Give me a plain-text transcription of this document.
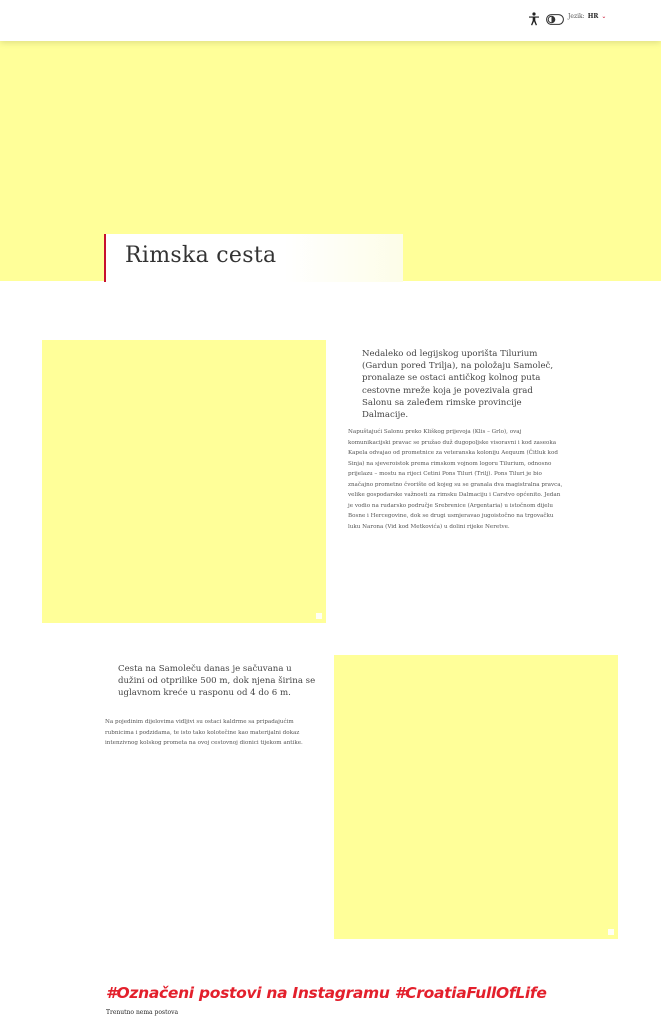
Jezik: HR ⌄
Rimska cesta
Nedaleko od legijskog uporišta Tilurium (Gardun pored Trilja), na položaju Samoleč, pronalaze se ostaci antičkog kolnog puta cestovne mreže koja je povezivala grad Salonu sa zaleđem rimske provincije Dalmacije.
Napuštajući Salonu preko Kliškog prijevoja (Klis – Grlo), ovaj komunikacijski pravac se pružao duž dugopoljske visoravni i kod zaseoka Kapela odvajao od prometnice za veteranska koloniju Aequum (Čitluk kod Sinja) na sjeveroistok prema rimskom vojnom logoru Tilurium, odnosno prijelazu – mostu na rijeci Cetini Pons Tiluri (Trilj). Pons Tiluri je bio značajno prometno čvorište od kojeg su se granala dva magistralna pravca, velike gospodarske važnosti za rimsku Dalmaciju i Carstvo općenito. Jedan je vodio na rudarsko područje Srebrenice (Argentaria) u istočnom dijelu Bosne i Hercegovine, dok se drugi usmjeravao jugoistočno na trgovačku luku Narona (Vid kod Metkovića) u dolini rijeke Neretve.
Cesta na Samoleču danas je sačuvana u dužini od otprilike 500 m, dok njena širina se uglavnom kreće u rasponu od 4 do 6 m.
Na pojedinim dijelovima vidljivi su ostaci kaldrme sa pripadajućim rubnicima i podzidama, te isto tako kolotečine kao materijalni dokaz intenzivnog kolskog prometa na ovoj cestovnoj dionici tijekom antike.
#Označeni postovi na Instagramu #CroatiaFullOfLife
Trenutno nema postova
